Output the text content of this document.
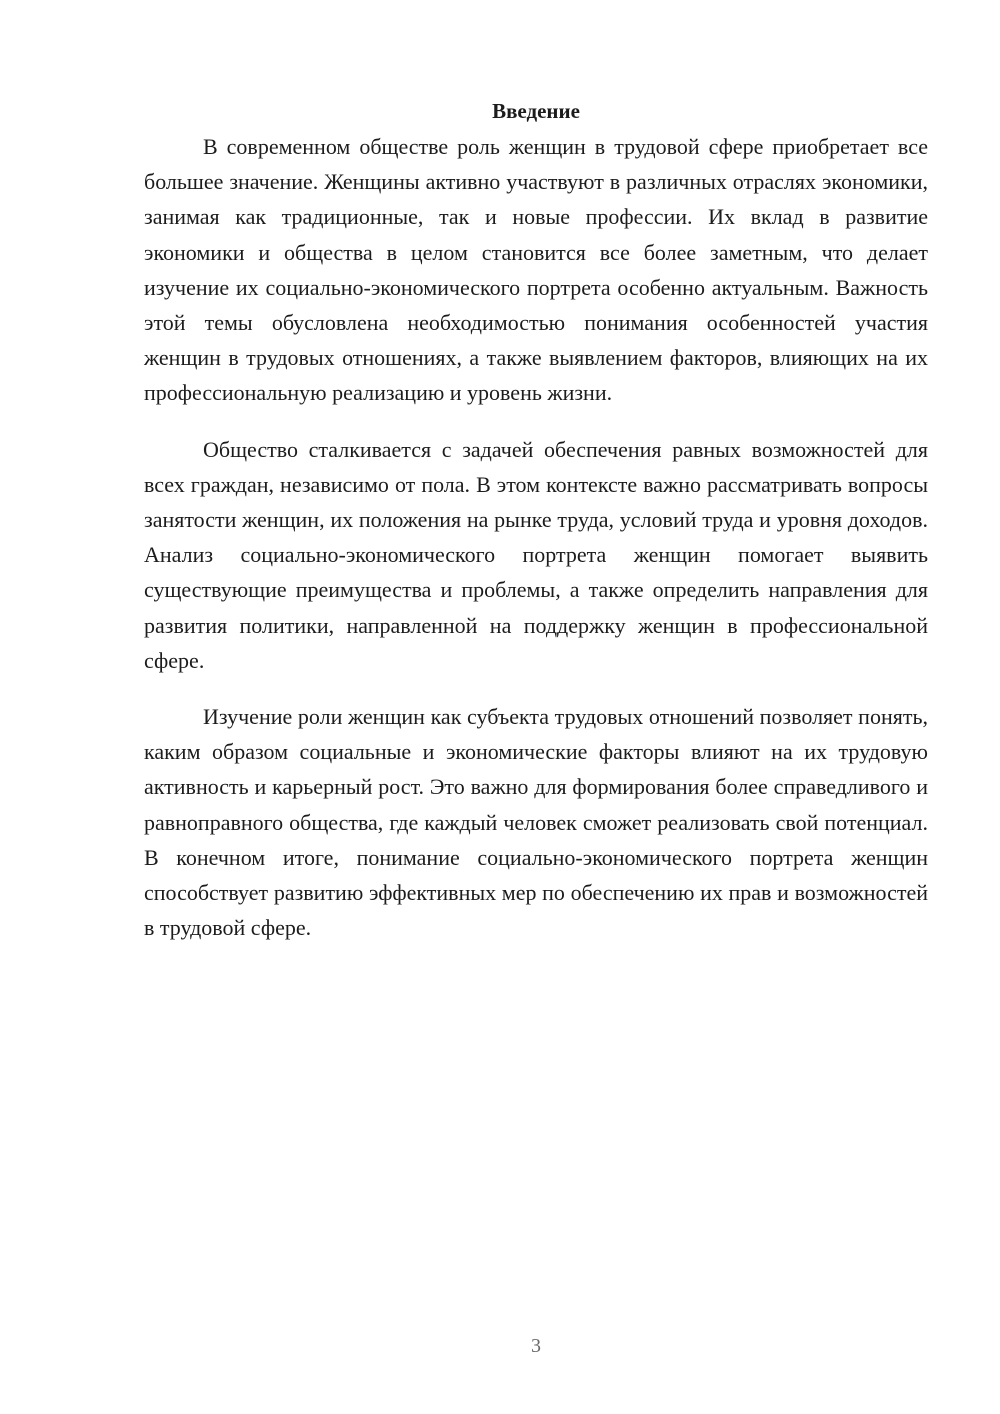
Введение

В современном обществе роль женщин в трудовой сфере приобретает все большее значение. Женщины активно участвуют в различных отраслях экономики, занимая как традиционные, так и новые профессии. Их вклад в развитие экономики и общества в целом становится все более заметным, что делает изучение их социально-экономического портрета особенно актуальным. Важность этой темы обусловлена необходимостью понимания особенностей участия женщин в трудовых отношениях, а также выявлением факторов, влияющих на их профессиональную реализацию и уровень жизни.

Общество сталкивается с задачей обеспечения равных возможностей для всех граждан, независимо от пола. В этом контексте важно рассматривать вопросы занятости женщин, их положения на рынке труда, условий труда и уровня доходов. Анализ социально-экономического портрета женщин помогает выявить существующие преимущества и проблемы, а также определить направления для развития политики, направленной на поддержку женщин в профессиональной сфере.

Изучение роли женщин как субъекта трудовых отношений позволяет понять, каким образом социальные и экономические факторы влияют на их трудовую активность и карьерный рост. Это важно для формирования более справедливого и равноправного общества, где каждый человек сможет реализовать свой потенциал. В конечном итоге, понимание социально-экономического портрета женщин способствует развитию эффективных мер по обеспечению их прав и возможностей в трудовой сфере.

3
